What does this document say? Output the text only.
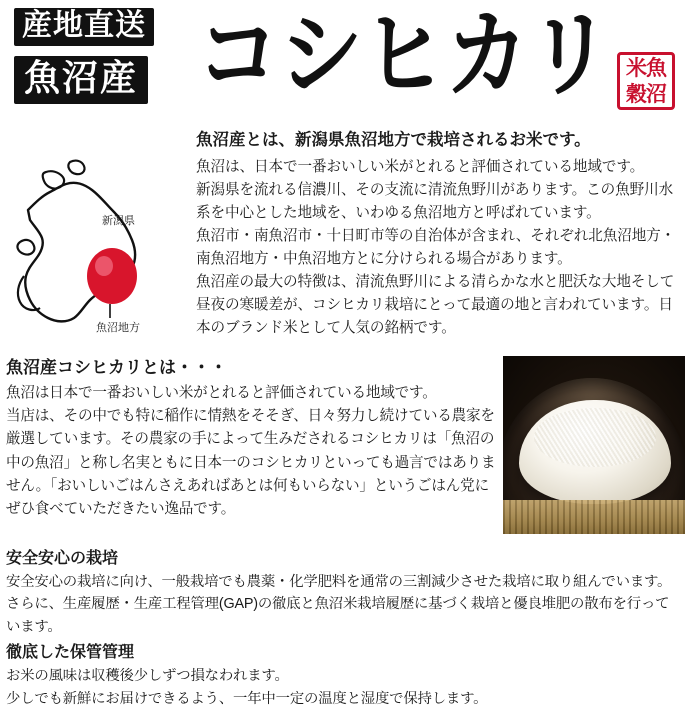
産地直送
魚沼産 コシヒカリ 米魚
穀沼
新潟県
魚沼地方
魚沼産とは、新潟県魚沼地方で栽培されるお米です。

魚沼は、日本で一番おいしい米がとれると評価されている地域です。

新潟県を流れる信濃川、その支流に清流魚野川があります。この魚野川水系を中心とした地域を、いわゆる魚沼地方と呼ばれています。

魚沼市・南魚沼市・十日町市等の自治体が含まれ、それぞれ北魚沼地方・南魚沼地方・中魚沼地方とに分けられる場合があります。

魚沼産の最大の特徴は、清流魚野川による清らかな水と肥沃な大地そして昼夜の寒暖差が、コシヒカリ栽培にとって最適の地と言われています。日本のブランド米として人気の銘柄です。

魚沼産コシヒカリとは・・・

魚沼は日本で一番おいしい米がとれると評価されている地域です。

当店は、その中でも特に稲作に情熱をそそぎ、日々努力し続けている農家を厳選しています。その農家の手によって生みだされるコシヒカリは「魚沼の中の魚沼」と称し名実ともに日本一のコシヒカリといっても過言ではありません。「おいしいごはんさえあればあとは何もいらない」というごはん党にぜひ食べていただきたい逸品です。

安全安心の栽培

安全安心の栽培に向け、一般栽培でも農薬・化学肥料を通常の三割減少させた栽培に取り組んでいます。

さらに、生産履歴・生産工程管理(GAP)の徹底と魚沼米栽培履歴に基づく栽培と優良堆肥の散布を行っています。

徹底した保管管理

お米の風味は収穫後少しずつ損なわれます。

少しでも新鮮にお届けできるよう、一年中一定の温度と湿度で保持します。
